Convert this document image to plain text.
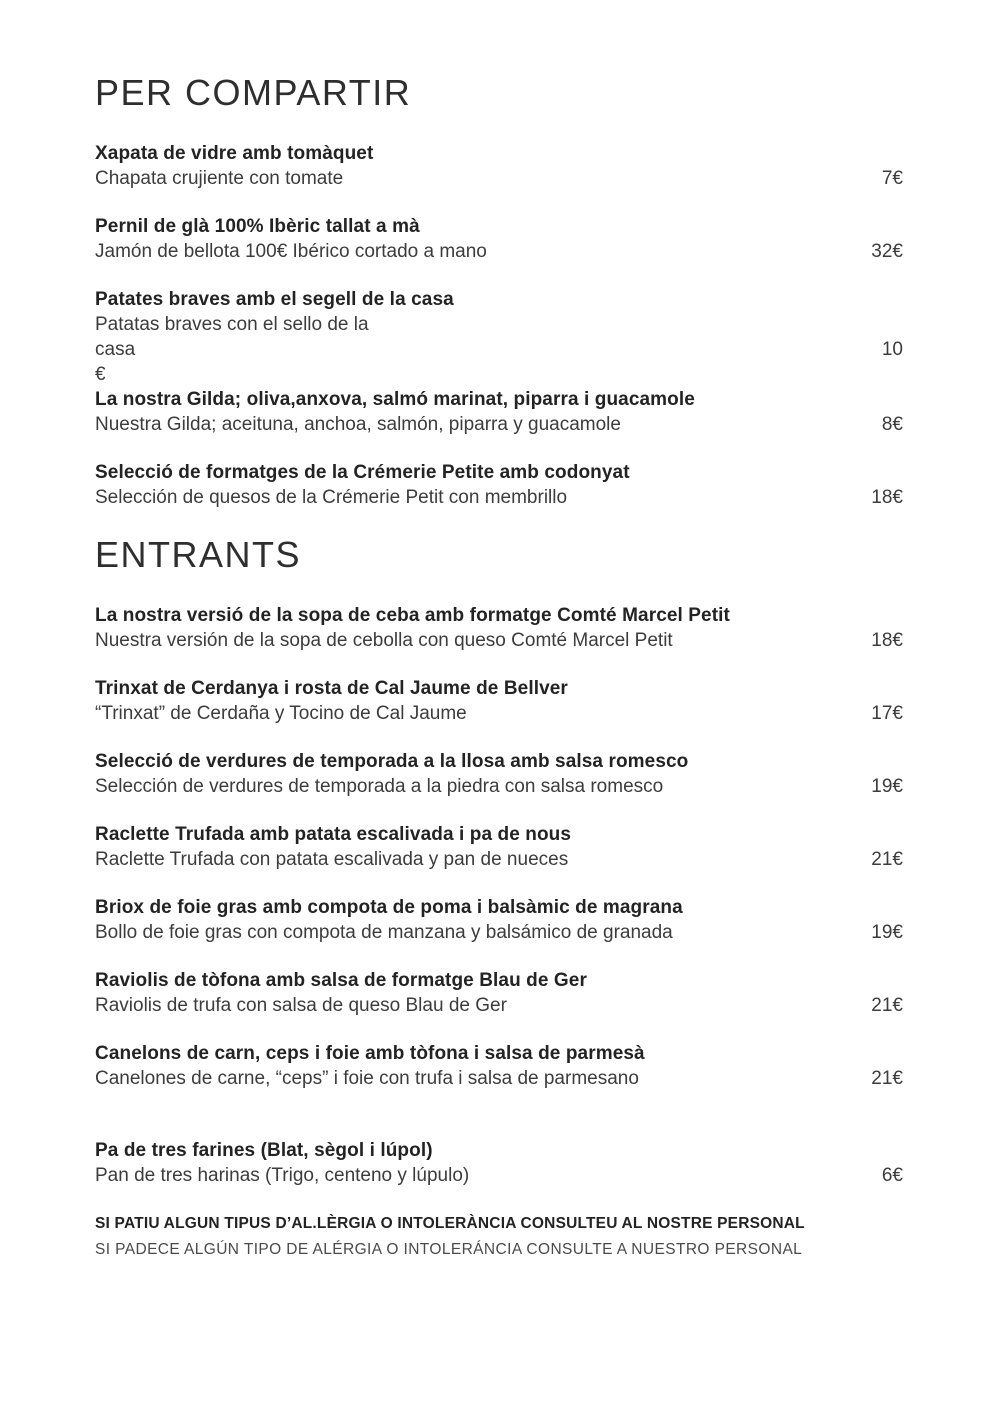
PER COMPARTIR
Xapata de vidre amb tomàquet
Chapata crujiente con tomate	7€
Pernil de glà 100% Ibèric tallat a mà
Jamón de bellota 100€ Ibérico cortado a mano	32€
Patates braves amb el segell de la casa
Patatas braves con el sello de la
casa	10
€
La nostra Gilda; oliva,anxova, salmó marinat, piparra i guacamole
Nuestra Gilda; aceituna, anchoa, salmón, piparra y guacamole	8€
Selecció de formatges de la Crémerie Petite amb codonyat
Selección de quesos de la Crémerie Petit con membrillo	18€
ENTRANTS
La nostra versió de la sopa de ceba amb formatge Comté Marcel Petit
Nuestra versión de la sopa de cebolla con queso Comté Marcel Petit	18€
Trinxat de Cerdanya i rosta de Cal Jaume de Bellver
“Trinxat” de Cerdaña y Tocino de Cal Jaume	17€
Selecció de verdures de temporada a la llosa amb salsa romesco
Selección de verdures de temporada a la piedra con salsa romesco	19€
Raclette Trufada amb patata escalivada i pa de nous
Raclette Trufada con patata escalivada y pan de nueces	21€
Briox de foie gras amb compota de poma i balsàmic de magrana
Bollo de foie gras con compota de manzana y balsámico de granada	19€
Raviolis de tòfona amb salsa de formatge Blau de Ger
Raviolis de trufa con salsa de queso Blau de Ger	21€
Canelons de carn, ceps i foie amb tòfona i salsa de parmesà
Canelones de carne, “ceps” i foie con trufa i salsa de parmesano	21€
Pa de tres farines (Blat, sègol i lúpol)
Pan de tres harinas (Trigo, centeno y lúpulo)	6€
SI PATIU ALGUN TIPUS D’AL.LÈRGIA O INTOLERÀNCIA CONSULTEU AL NOSTRE PERSONAL
SI PADECE ALGÚN TIPO DE ALÉRGIA O INTOLERÁNCIA CONSULTE A NUESTRO PERSONAL
